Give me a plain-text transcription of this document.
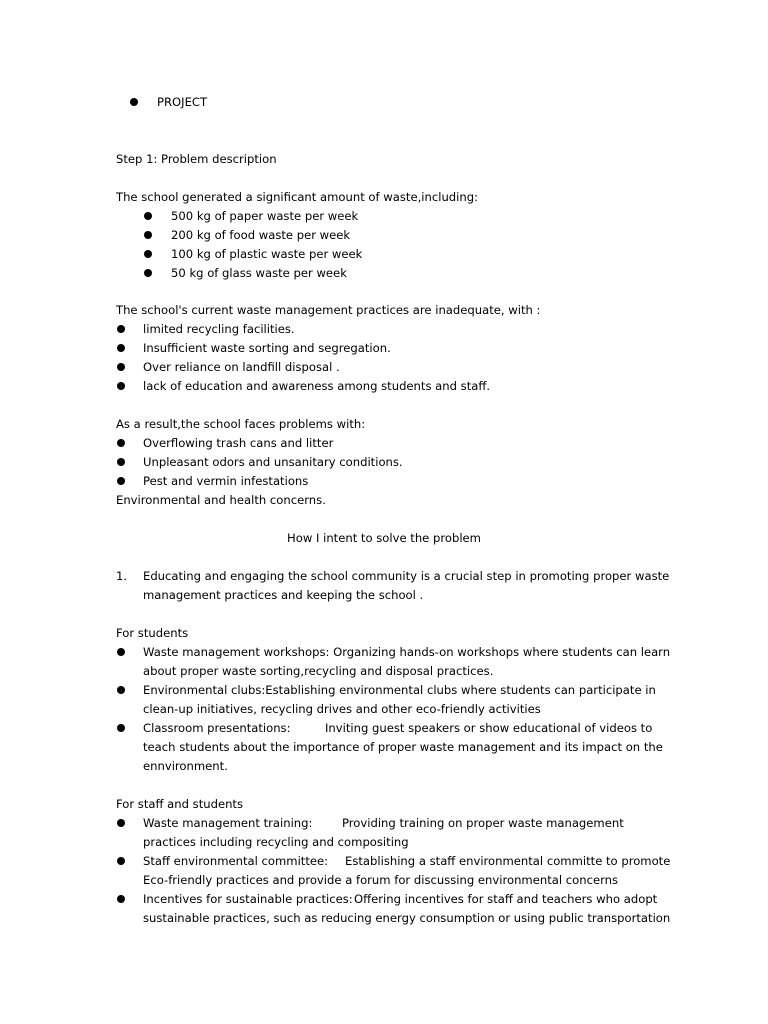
PROJECT
Step 1: Problem description
The school generated a significant amount of waste,including:
500 kg of paper waste per week
200 kg of food waste per week
100 kg of plastic waste per week
50 kg of glass waste per week
The school's current waste management practices are inadequate, with :
limited recycling facilities.
Insufficient waste sorting and segregation.
Over reliance on landfill disposal .
lack of education and awareness among students and staff.
As a result,the school faces problems with:
Overflowing trash cans and litter
Unpleasant odors and unsanitary conditions.
Pest and vermin infestations
Environmental and health concerns.
How I intent to solve the problem
1. Educating and engaging the school community is a crucial step in promoting proper waste
management practices and keeping the school .
For students
Waste management workshops: Organizing hands-on workshops where students can learn
about proper waste sorting,recycling and disposal practices.
Environmental clubs:Establishing environmental clubs where students can participate in
clean-up initiatives, recycling drives and other eco-friendly activities
Classroom presentations:	Inviting guest speakers or show educational of videos to
teach students about the importance of proper waste management and its impact on the
ennvironment.
For staff and students
Waste management training:	Providing training on proper waste management
practices including recycling and compositing
Staff environmental committee: Establishing a staff environmental committe to promote
Eco-friendly practices and provide a forum for discussing environmental concerns
Incentives for sustainable practices: Offering incentives for staff and teachers who adopt
sustainable practices, such as reducing energy consumption or using public transportation
